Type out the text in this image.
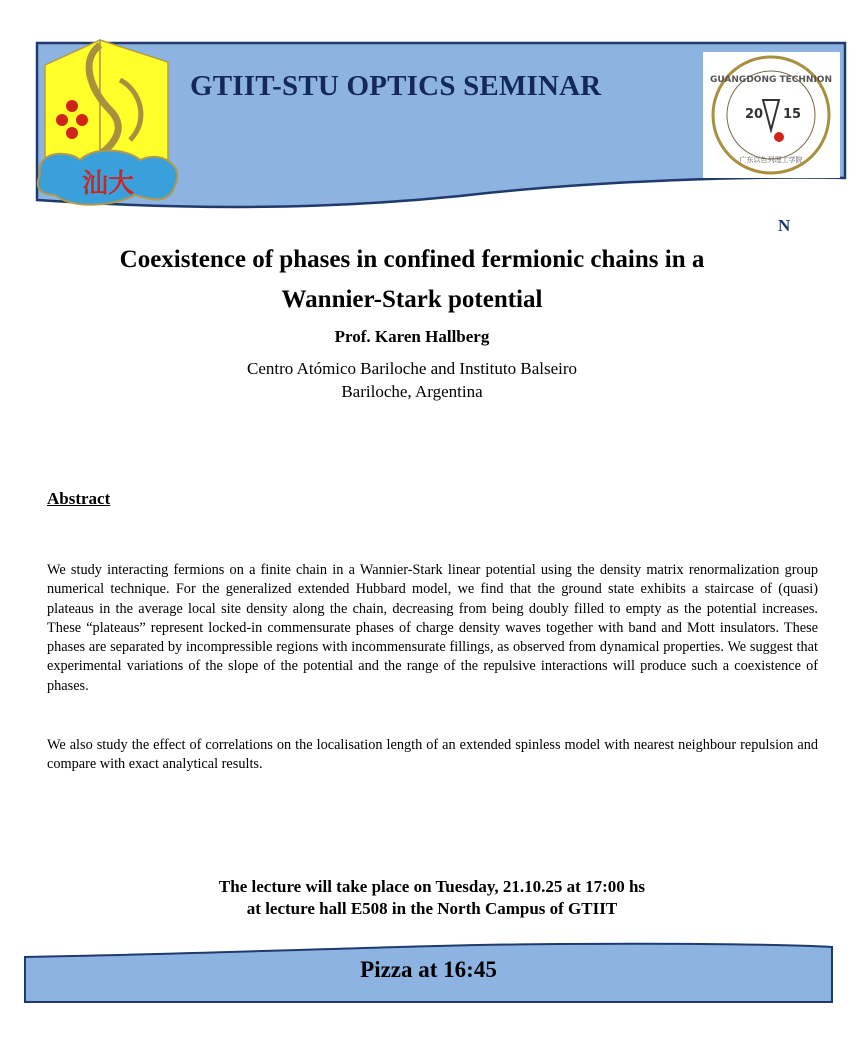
汕大
GTIIT-STU OPTICS SEMINAR	GUANGDONG TECHNION
20 15
广东以色列理工学院
N
Coexistence of phases in confined fermionic chains in a
Wannier-Stark potential
Prof. Karen Hallberg
Centro Atómico Bariloche and Instituto Balseiro
Bariloche, Argentina
Abstract
We study interacting fermions on a finite chain in a Wannier-Stark linear potential using the density matrix renormalization group numerical technique. For the generalized extended Hubbard model, we find that the ground state exhibits a staircase of (quasi) plateaus in the average local site density along the chain, decreasing from being doubly filled to empty as the potential increases. These “plateaus” represent locked-in commensurate phases of charge density waves together with band and Mott insulators. These phases are separated by incompressible regions with incommensurate fillings, as observed from dynamical properties. We suggest that experimental variations of the slope of the potential and the range of the repulsive interactions will produce such a coexistence of phases.
We also study the effect of correlations on the localisation length of an extended spinless model with nearest neighbour repulsion and compare with exact analytical results.
The lecture will take place on Tuesday, 21.10.25 at 17:00 hs
at lecture hall E508 in the North Campus of GTIIT
Pizza at 16:45
